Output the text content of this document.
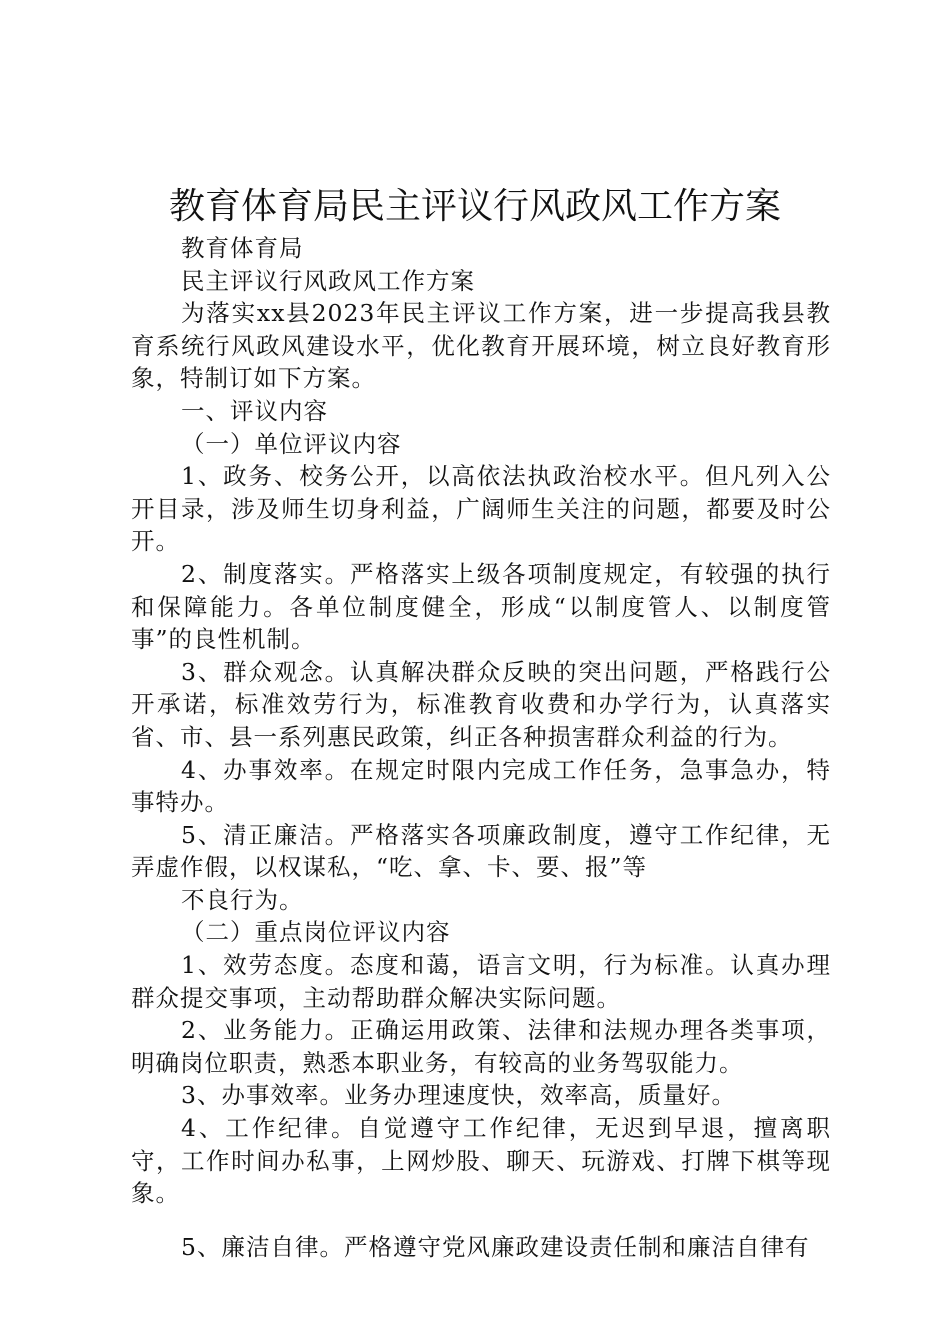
教育体育局民主评议行风政风工作方案

教育体育局

民主评议行风政风工作方案

为落实xx县2023年民主评议工作方案，进一步提高我县教育系统行风政风建设水平，优化教育开展环境，树立良好教育形象，特制订如下方案。

一、评议内容

（一）单位评议内容

1、政务、校务公开，以高依法执政治校水平。但凡列入公开目录，涉及师生切身利益，广阔师生关注的问题，都要及时公开。

2、制度落实。严格落实上级各项制度规定，有较强的执行和保障能力。各单位制度健全，形成“以制度管人、以制度管事”的良性机制。

3、群众观念。认真解决群众反映的突出问题，严格践行公开承诺，标准效劳行为，标准教育收费和办学行为，认真落实省、市、县一系列惠民政策，纠正各种损害群众利益的行为。

4、办事效率。在规定时限内完成工作任务，急事急办，特事特办。

5、清正廉洁。严格落实各项廉政制度，遵守工作纪律，无弄虚作假，以权谋私，“吃、拿、卡、要、报”等

不良行为。

（二）重点岗位评议内容

1、效劳态度。态度和蔼，语言文明，行为标准。认真办理群众提交事项，主动帮助群众解决实际问题。

2、业务能力。正确运用政策、法律和法规办理各类事项，明确岗位职责，熟悉本职业务，有较高的业务驾驭能力。

3、办事效率。业务办理速度快，效率高，质量好。

4、工作纪律。自觉遵守工作纪律，无迟到早退，擅离职守，工作时间办私事，上网炒股、聊天、玩游戏、打牌下棋等现象。

5、廉洁自律。严格遵守党风廉政建设责任制和廉洁自律有
